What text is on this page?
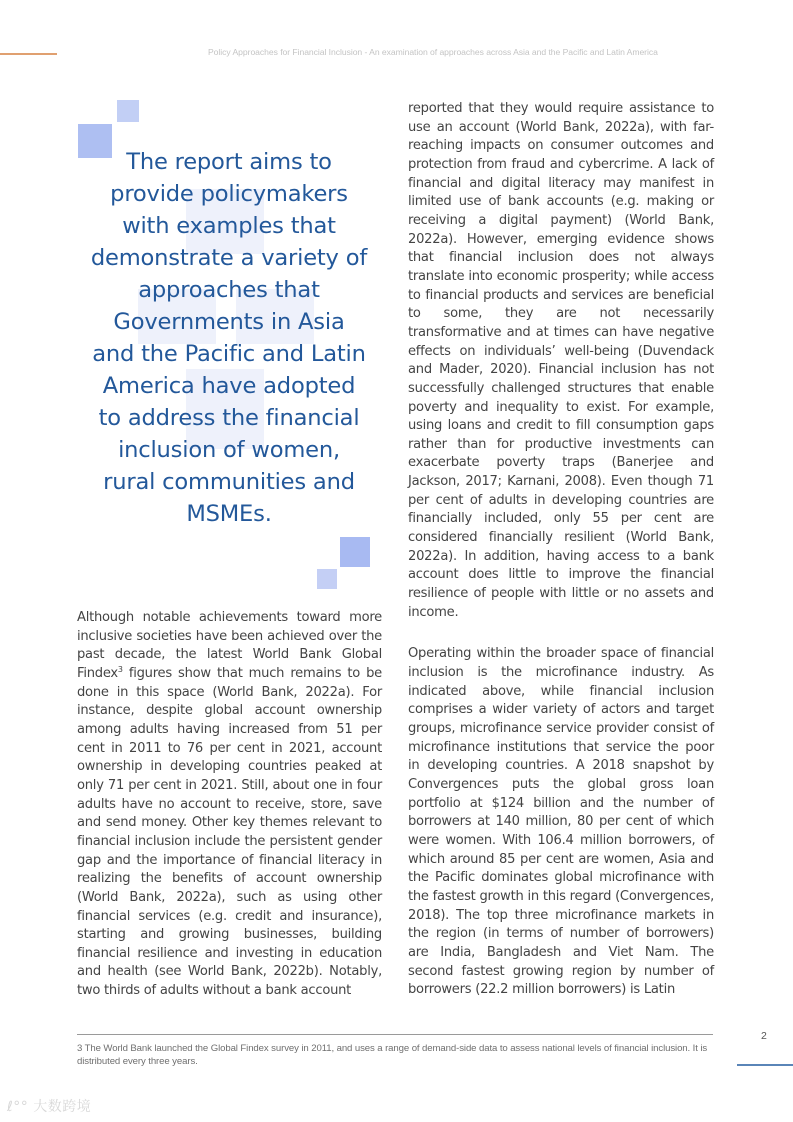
Policy Approaches for Financial Inclusion - An examination of approaches across Asia and the Pacific and Latin America
The report aims to provide policymakers with examples that demonstrate a variety of approaches that Governments in Asia and the Pacific and Latin America have adopted to address the financial inclusion of women, rural communities and MSMEs.

Although notable achievements toward more inclusive societies have been achieved over the past decade, the latest World Bank Global Findex$^3$ figures show that much remains to be done in this space (World Bank, 2022a). For instance, despite global account ownership among adults having increased from 51 per cent in 2011 to 76 per cent in 2021, account ownership in developing countries peaked at only 71 per cent in 2021. Still, about one in four adults have no account to receive, store, save and send money. Other key themes relevant to financial inclusion include the persistent gender gap and the importance of financial literacy in realizing the benefits of account ownership (World Bank, 2022a), such as using other financial services (e.g. credit and insurance), starting and growing businesses, building financial resilience and investing in education and health (see World Bank, 2022b). Notably, two thirds of adults without a bank account

reported that they would require assistance to use an account (World Bank, 2022a), with far-reaching impacts on consumer outcomes and protection from fraud and cybercrime. A lack of financial and digital literacy may manifest in limited use of bank accounts (e.g. making or receiving a digital payment) (World Bank, 2022a). However, emerging evidence shows that financial inclusion does not always translate into economic prosperity; while access to financial products and services are beneficial to some, they are not necessarily transformative and at times can have negative effects on individuals’ well-being (Duvendack and Mader, 2020). Financial inclusion has not successfully challenged structures that enable poverty and inequality to exist. For example, using loans and credit to fill consumption gaps rather than for productive investments can exacerbate poverty traps (Banerjee and Jackson, 2017; Karnani, 2008). Even though 71 per cent of adults in developing countries are financially included, only 55 per cent are considered financially resilient (World Bank, 2022a). In addition, having access to a bank account does little to improve the financial resilience of people with little or no assets and income.

Operating within the broader space of financial inclusion is the microfinance industry. As indicated above, while financial inclusion comprises a wider variety of actors and target groups, microfinance service provider consist of microfinance institutions that service the poor in developing countries. A 2018 snapshot by Convergences puts the global gross loan portfolio at $124 billion and the number of borrowers at 140 million, 80 per cent of which were women. With 106.4 million borrowers, of which around 85 per cent are women, Asia and the Pacific dominates global microfinance with the fastest growth in this regard (Convergences, 2018). The top three microfinance markets in the region (in terms of number of borrowers) are India, Bangladesh and Viet Nam. The second fastest growing region by number of borrowers (22.2 million borrowers) is Latin

3 The World Bank launched the Global Findex survey in 2011, and uses a range of demand-side data to assess national levels of financial inclusion. It is distributed every three years.
2
ℓ°° 大数跨境
